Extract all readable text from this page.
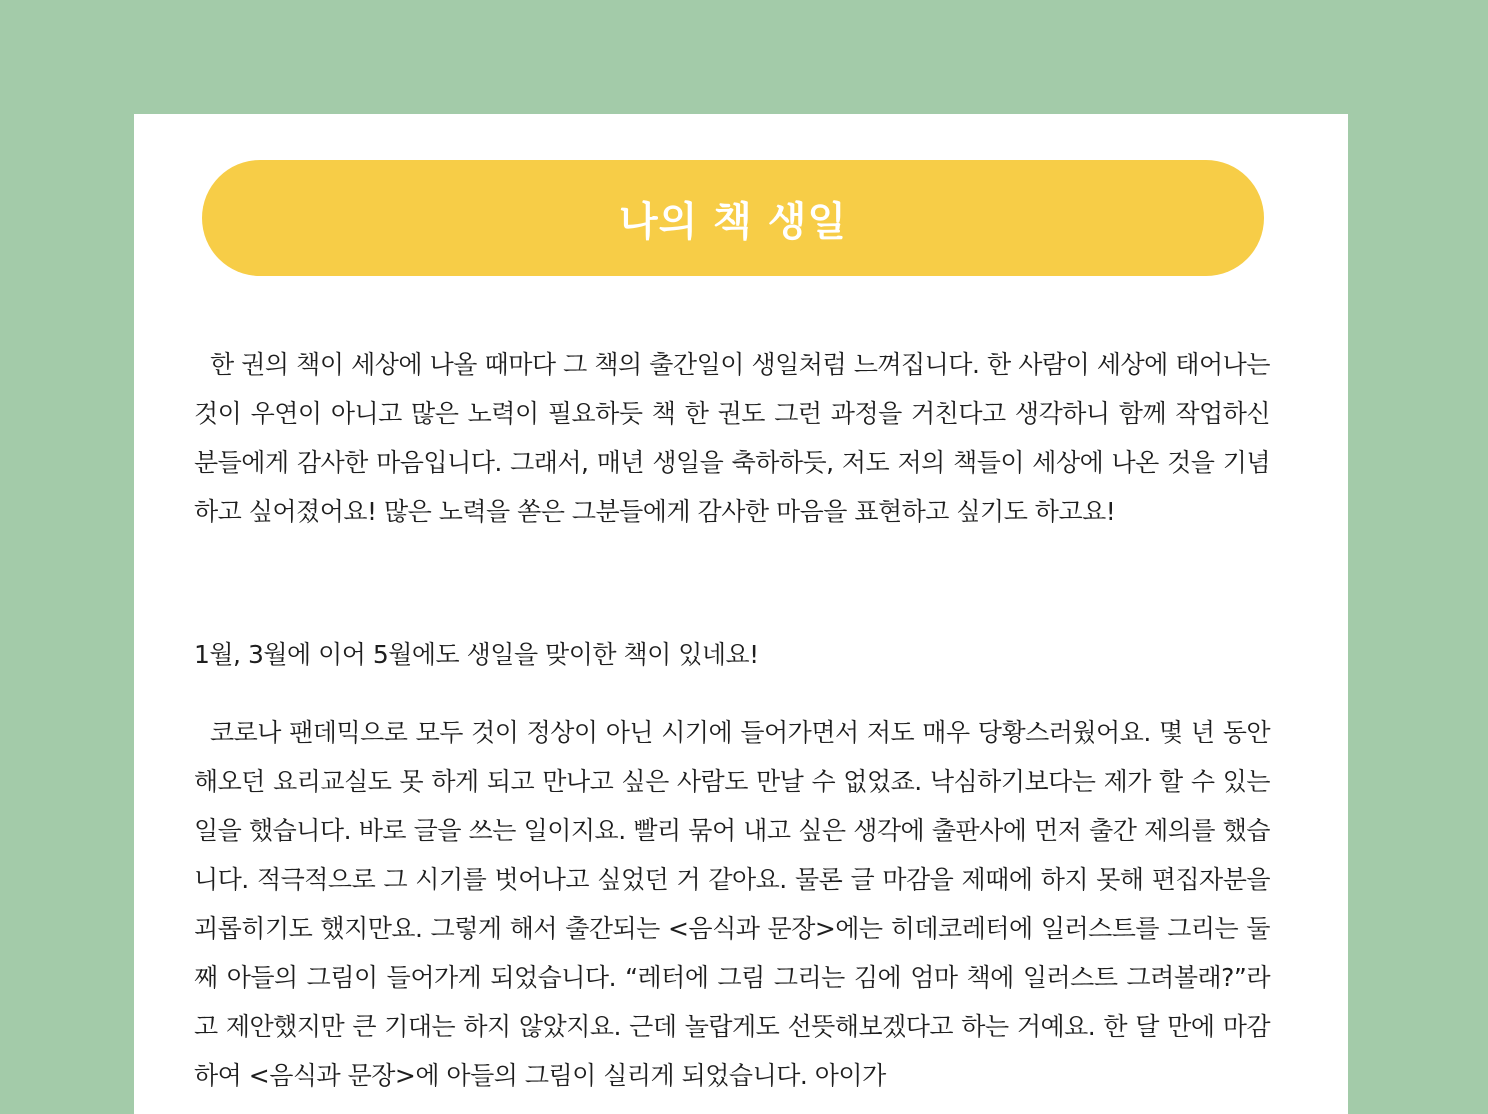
나의 책 생일

한 권의 책이 세상에 나올 때마다 그 책의 출간일이 생일처럼 느껴집니다. 한 사람이 세상에 태어나는 것이 우연이 아니고 많은 노력이 필요하듯 책 한 권도 그런 과정을 거친다고 생각하니 함께 작업하신 분들에게 감사한 마음입니다. 그래서, 매년 생일을 축하하듯, 저도 저의 책들이 세상에 나온 것을 기념하고 싶어졌어요! 많은 노력을 쏟은 그분들에게 감사한 마음을 표현하고 싶기도 하고요!

1월, 3월에 이어 5월에도 생일을 맞이한 책이 있네요!

코로나 팬데믹으로 모두 것이 정상이 아닌 시기에 들어가면서 저도 매우 당황스러웠어요. 몇 년 동안 해오던 요리교실도 못 하게 되고 만나고 싶은 사람도 만날 수 없었죠. 낙심하기보다는 제가 할 수 있는 일을 했습니다. 바로 글을 쓰는 일이지요. 빨리 묶어 내고 싶은 생각에 출판사에 먼저 출간 제의를 했습니다. 적극적으로 그 시기를 벗어나고 싶었던 거 같아요. 물론 글 마감을 제때에 하지 못해 편집자분을 괴롭히기도 했지만요. 그렇게 해서 출간되는 <음식과 문장>에는 히데코레터에 일러스트를 그리는 둘째 아들의 그림이 들어가게 되었습니다. “레터에 그림 그리는 김에 엄마 책에 일러스트 그려볼래?”라고 제안했지만 큰 기대는 하지 않았지요. 근데 놀랍게도 선뜻해보겠다고 하는 거예요. 한 달 만에 마감하여 <음식과 문장>에 아들의 그림이 실리게 되었습니다. 아이가
